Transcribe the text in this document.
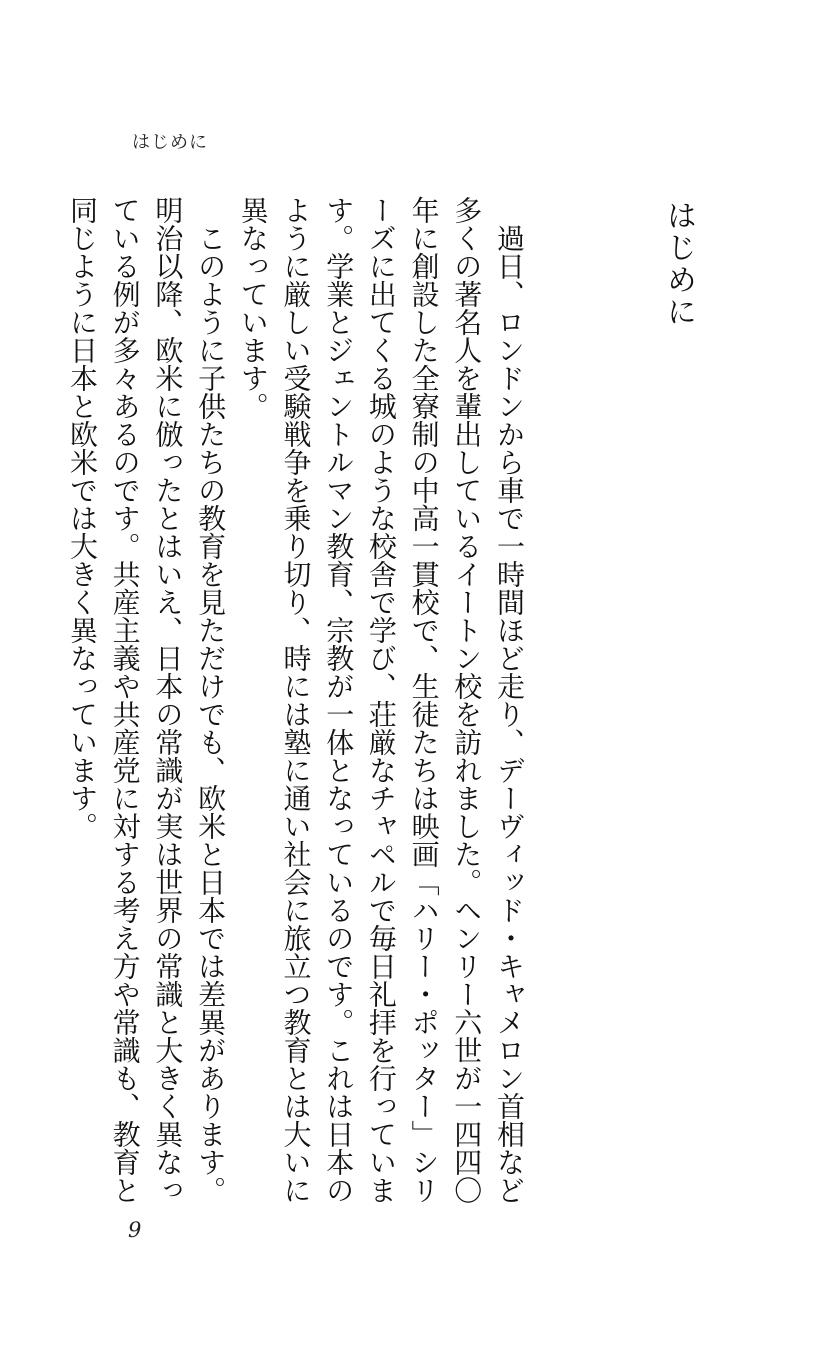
はじめに
はじめに

過日、ロンドンから車で一時間ほど走り、デーヴィッド・キャメロン首相など多くの著名人を輩出しているイートン校を訪れました。ヘンリー六世が一四四〇年に創設した全寮制の中高一貫校で、生徒たちは映画「ハリー・ポッター」シリーズに出てくる城のような校舎で学び、荘厳なチャペルで毎日礼拝を行っています。学業とジェントルマン教育、宗教が一体となっているのです。これは日本のように厳しい受験戦争を乗り切り、時には塾に通い社会に旅立つ教育とは大いに異なっています。

このように子供たちの教育を見ただけでも、欧米と日本では差異があります。明治以降、欧米に倣ったとはいえ、日本の常識が実は世界の常識と大きく異なっている例が多々あるのです。共産主義や共産党に対する考え方や常識も、教育と同じように日本と欧米では大きく異なっています。

9
